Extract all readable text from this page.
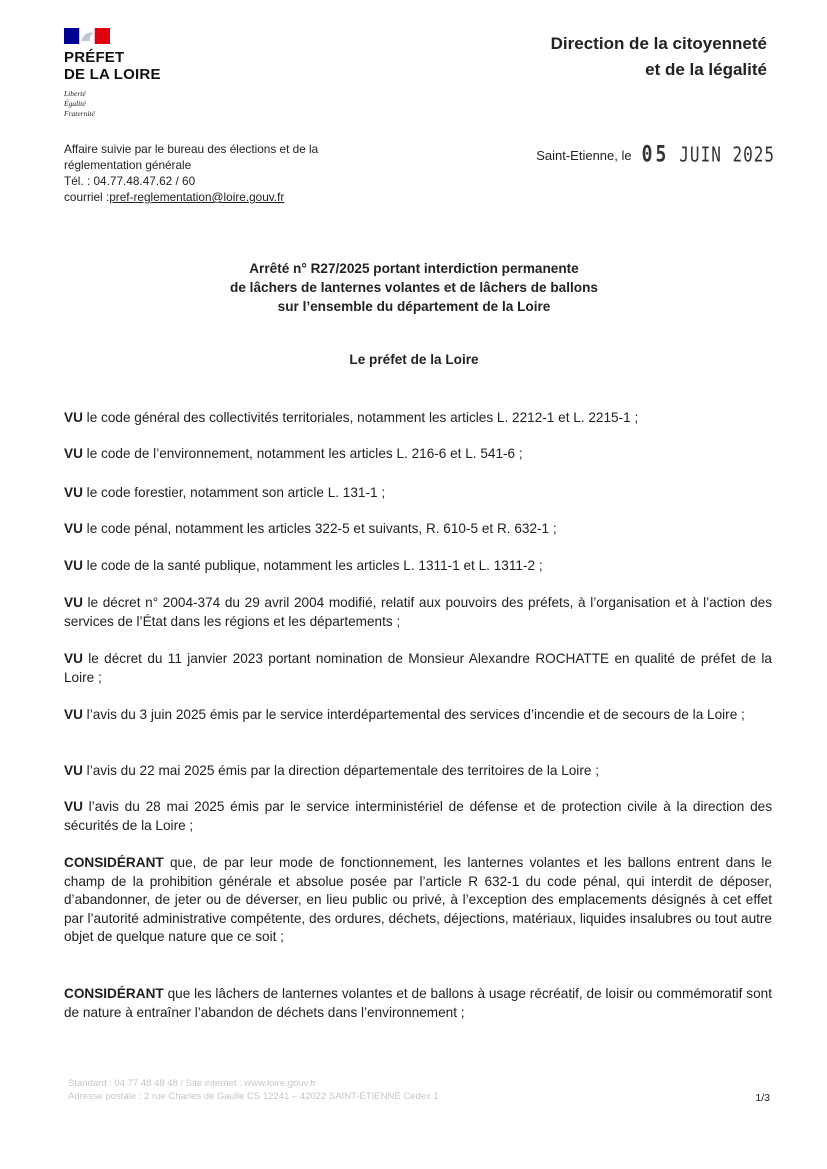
PRÉFET
DE LA LOIRE
Liberté
Égalité
Fraternité
Direction de la citoyenneté
et de la légalité
Affaire suivie par le bureau des élections et de la
réglementation générale
Tél. : 04.77.48.47.62 / 60
courriel :pref-reglementation@loire.gouv.fr
Saint-Etienne, le 05 JUIN 2025
Arrêté n° R27/2025 portant interdiction permanente
de lâchers de lanternes volantes et de lâchers de ballons
sur l’ensemble du département de la Loire
Le préfet de la Loire

VU le code général des collectivités territoriales, notamment les articles L. 2212-1 et L. 2215-1 ;

VU le code de l’environnement, notamment les articles L. 216-6 et L. 541-6 ;

VU le code forestier, notamment son article L. 131-1 ;

VU le code pénal, notamment les articles 322-5 et suivants, R. 610-5 et R. 632-1 ;

VU le code de la santé publique, notamment les articles L. 1311-1 et L. 1311-2 ;

VU le décret n° 2004-374 du 29 avril 2004 modifié, relatif aux pouvoirs des préfets, à l’organisation et à l’action des services de l’État dans les régions et les départements ;

VU le décret du 11 janvier 2023 portant nomination de Monsieur Alexandre ROCHATTE en qualité de préfet de la Loire ;

VU l’avis du 3 juin 2025 émis par le service interdépartemental des services d’incendie et de secours de la Loire ;

VU l’avis du 22 mai 2025 émis par la direction départementale des territoires de la Loire ;

VU l’avis du 28 mai 2025 émis par le service interministériel de défense et de protection civile à la direction des sécurités de la Loire ;

CONSIDÉRANT que, de par leur mode de fonctionnement, les lanternes volantes et les ballons entrent dans le champ de la prohibition générale et absolue posée par l’article R 632-1 du code pénal, qui interdit de déposer, d’abandonner, de jeter ou de déverser, en lieu public ou privé, à l’exception des emplacements désignés à cet effet par l’autorité administrative compétente, des ordures, déchets, déjections, matériaux, liquides insalubres ou tout autre objet de quelque nature que ce soit ;

CONSIDÉRANT que les lâchers de lanternes volantes et de ballons à usage récréatif, de loisir ou commémoratif sont de nature à entraîner l’abandon de déchets dans l’environnement ;

Standard : 04 77 48 48 48 / Site internet : www.loire.gouv.fr
Adresse postale : 2 rue Charles de Gaulle CS 12241 – 42022 SAINT-ÉTIENNE Cedex 1	1/3
